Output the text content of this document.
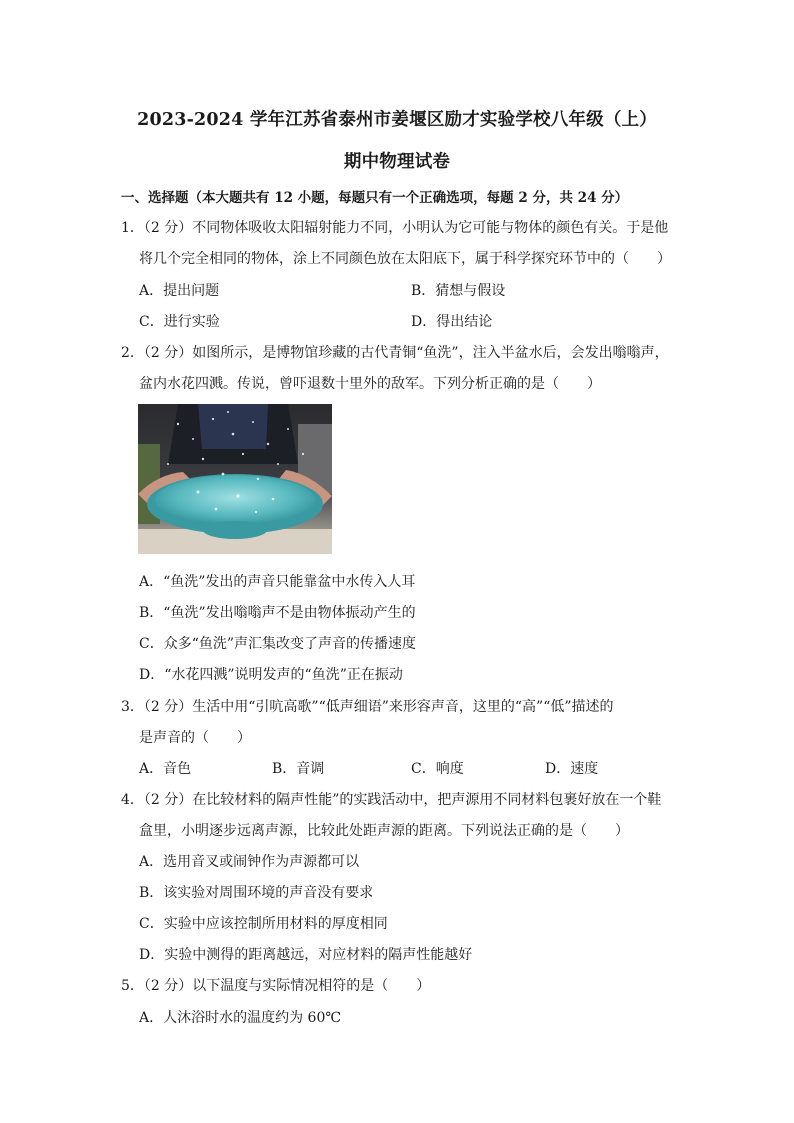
2023-2024 学年江苏省泰州市姜堰区励才实验学校八年级（上）
期中物理试卷
一、选择题（本大题共有 12 小题，每题只有一个正确选项，每题 2 分，共 24 分）
1．（2 分）不同物体吸收太阳辐射能力不同，小明认为它可能与物体的颜色有关。于是他
将几个完全相同的物体，涂上不同颜色放在太阳底下，属于科学探究环节中的（　　）
A．提出问题	B．猜想与假设
C．进行实验	D．得出结论
2．（2 分）如图所示，是博物馆珍藏的古代青铜“鱼洗”，注入半盆水后，会发出嗡嗡声，
盆内水花四溅。传说，曾吓退数十里外的敌军。下列分析正确的是（　　）
A．“鱼洗”发出的声音只能靠盆中水传入人耳
B．“鱼洗”发出嗡嗡声不是由物体振动产生的
C．众多“鱼洗”声汇集改变了声音的传播速度
D．“水花四溅”说明发声的“鱼洗”正在振动
3．（2 分）生活中用“引吭高歌”“低声细语”来形容声音，这里的“高”“低”描述的
是声音的（　　）
A．音色	B．音调	C．响度	D．速度
4．（2 分）在比较材料的隔声性能”的实践活动中，把声源用不同材料包裹好放在一个鞋
盒里，小明逐步远离声源，比较此处距声源的距离。下列说法正确的是（　　）
A．选用音叉或闹钟作为声源都可以
B．该实验对周围环境的声音没有要求
C．实验中应该控制所用材料的厚度相同
D．实验中测得的距离越远，对应材料的隔声性能越好
5．（2 分）以下温度与实际情况相符的是（　　）
A．人沐浴时水的温度约为 60℃
